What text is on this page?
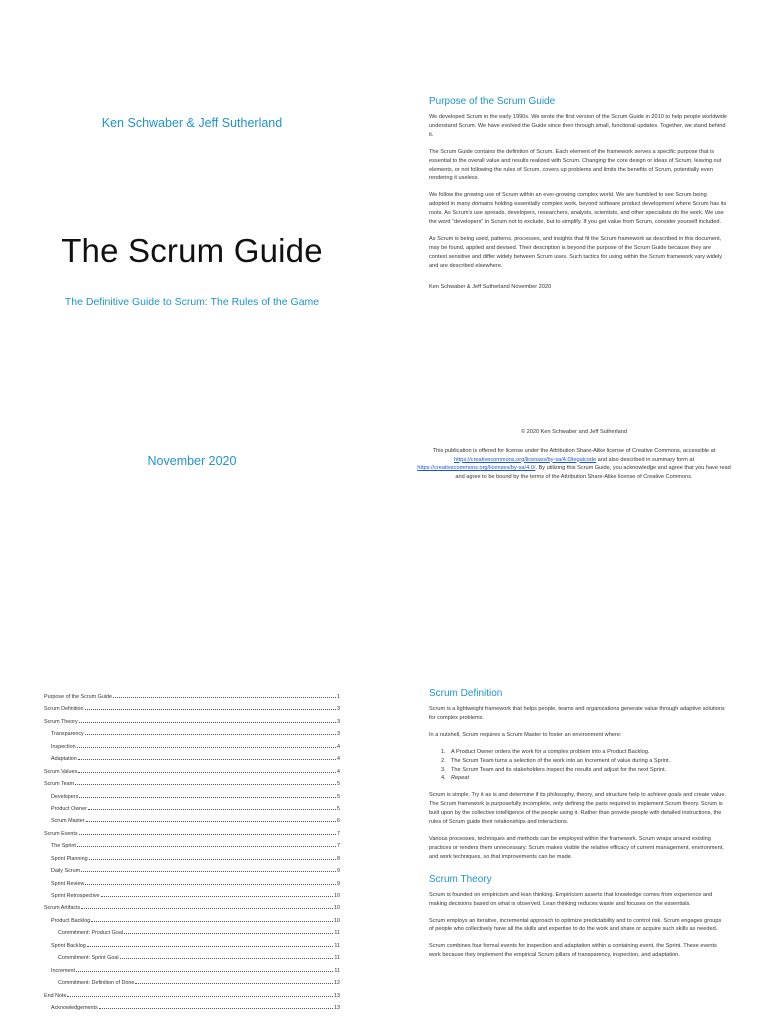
Ken Schwaber & Jeff Sutherland
The Scrum Guide
The Definitive Guide to Scrum: The Rules of the Game
November 2020
Purpose of the Scrum Guide

We developed Scrum in the early 1990s. We wrote the first version of the Scrum Guide in 2010 to help people worldwide understand Scrum. We have evolved the Guide since then through small, functional updates. Together, we stand behind it.

The Scrum Guide contains the definition of Scrum. Each element of the framework serves a specific purpose that is essential to the overall value and results realized with Scrum. Changing the core design or ideas of Scrum, leaving out elements, or not following the rules of Scrum, covers up problems and limits the benefits of Scrum, potentially even rendering it useless.

We follow the growing use of Scrum within an ever-growing complex world. We are humbled to see Scrum being adopted in many domains holding essentially complex work, beyond software product development where Scrum has its roots. As Scrum's use spreads, developers, researchers, analysts, scientists, and other specialists do the work. We use the word "developers" in Scrum not to exclude, but to simplify. If you get value from Scrum, consider yourself included.

As Scrum is being used, patterns, processes, and insights that fit the Scrum framework as described in this document, may be found, applied and devised. Their description is beyond the purpose of the Scrum Guide because they are context sensitive and differ widely between Scrum uses. Such tactics for using within the Scrum framework vary widely and are described elsewhere.

Ken Schwaber & Jeff Sutherland November 2020

© 2020 Ken Schwaber and Jeff Sutherland
This publication is offered for license under the Attribution Share-Alike license of Creative Commons, accessible at https://creativecommons.org/licenses/by-sa/4.0/legalcode and also described in summary form at https://creativecommons.org/licenses/by-sa/4.0/. By utilizing this Scrum Guide, you acknowledge and agree that you have read and agree to be bound by the terms of the Attribution Share-Alike license of Creative Commons.
Purpose of the Scrum Guide	1
Scrum Definition	3
Scrum Theory	3
Transparency	3
Inspection	4
Adaptation	4
Scrum Values	4
Scrum Team	5
Developers	5
Product Owner	5
Scrum Master	6
Scrum Events	7
The Sprint	7
Sprint Planning	8
Daily Scrum	9
Sprint Review	9
Sprint Retrospective	10
Scrum Artifacts	10
Product Backlog	10
Commitment: Product Goal	11
Sprint Backlog	11
Commitment: Sprint Goal	11
Increment	11
Commitment: Definition of Done	12
End Note	13
Acknowledgements	13
Scrum Definition

Scrum is a lightweight framework that helps people, teams and organizations generate value through adaptive solutions for complex problems.

In a nutshell, Scrum requires a Scrum Master to foster an environment where:

1. A Product Owner orders the work for a complex problem into a Product Backlog.
2. The Scrum Team turns a selection of the work into an Increment of value during a Sprint.
3. The Scrum Team and its stakeholders inspect the results and adjust for the next Sprint.
4. Repeat

Scrum is simple. Try it as is and determine if its philosophy, theory, and structure help to achieve goals and create value. The Scrum framework is purposefully incomplete, only defining the parts required to implement Scrum theory. Scrum is built upon by the collective intelligence of the people using it. Rather than provide people with detailed instructions, the rules of Scrum guide their relationships and interactions.

Various processes, techniques and methods can be employed within the framework. Scrum wraps around existing practices or renders them unnecessary. Scrum makes visible the relative efficacy of current management, environment, and work techniques, so that improvements can be made.

Scrum Theory

Scrum is founded on empiricism and lean thinking. Empiricism asserts that knowledge comes from experience and making decisions based on what is observed. Lean thinking reduces waste and focuses on the essentials.

Scrum employs an iterative, incremental approach to optimize predictability and to control risk. Scrum engages groups of people who collectively have all the skills and expertise to do the work and share or acquire such skills as needed.

Scrum combines four formal events for inspection and adaptation within a containing event, the Sprint. These events work because they implement the empirical Scrum pillars of transparency, inspection, and adaptation.
